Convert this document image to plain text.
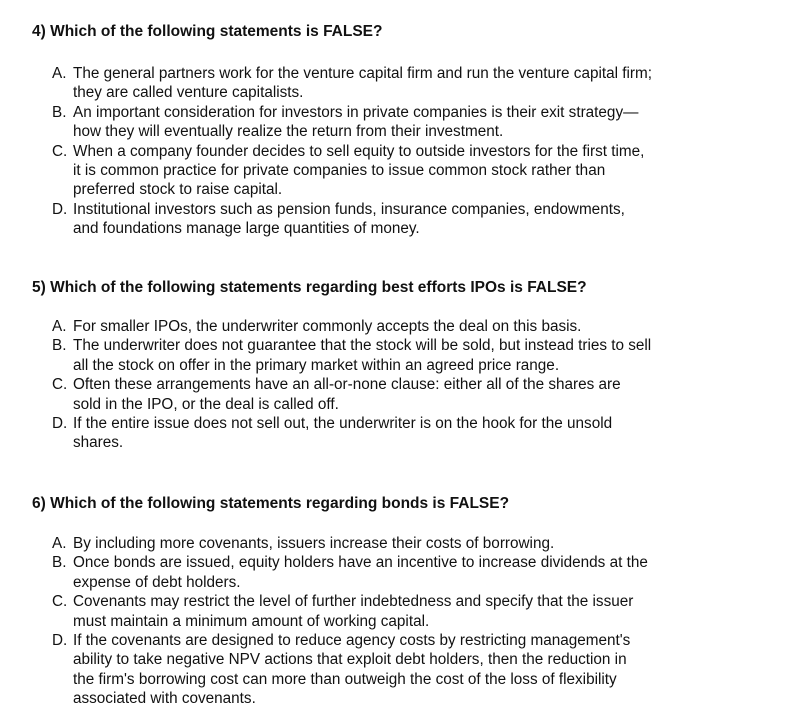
4) Which of the following statements is FALSE?
A. The general partners work for the venture capital firm and run the venture capital firm;
they are called venture capitalists.
B. An important consideration for investors in private companies is their exit strategy—
how they will eventually realize the return from their investment.
C. When a company founder decides to sell equity to outside investors for the first time,
it is common practice for private companies to issue common stock rather than
preferred stock to raise capital.
D. Institutional investors such as pension funds, insurance companies, endowments,
and foundations manage large quantities of money.
5) Which of the following statements regarding best efforts IPOs is FALSE?
A. For smaller IPOs, the underwriter commonly accepts the deal on this basis.
B. The underwriter does not guarantee that the stock will be sold, but instead tries to sell
all the stock on offer in the primary market within an agreed price range.
C. Often these arrangements have an all-or-none clause: either all of the shares are
sold in the IPO, or the deal is called off.
D. If the entire issue does not sell out, the underwriter is on the hook for the unsold
shares.
6) Which of the following statements regarding bonds is FALSE?
A. By including more covenants, issuers increase their costs of borrowing.
B. Once bonds are issued, equity holders have an incentive to increase dividends at the
expense of debt holders.
C. Covenants may restrict the level of further indebtedness and specify that the issuer
must maintain a minimum amount of working capital.
D. If the covenants are designed to reduce agency costs by restricting management's
ability to take negative NPV actions that exploit debt holders, then the reduction in
the firm's borrowing cost can more than outweigh the cost of the loss of flexibility
associated with covenants.
